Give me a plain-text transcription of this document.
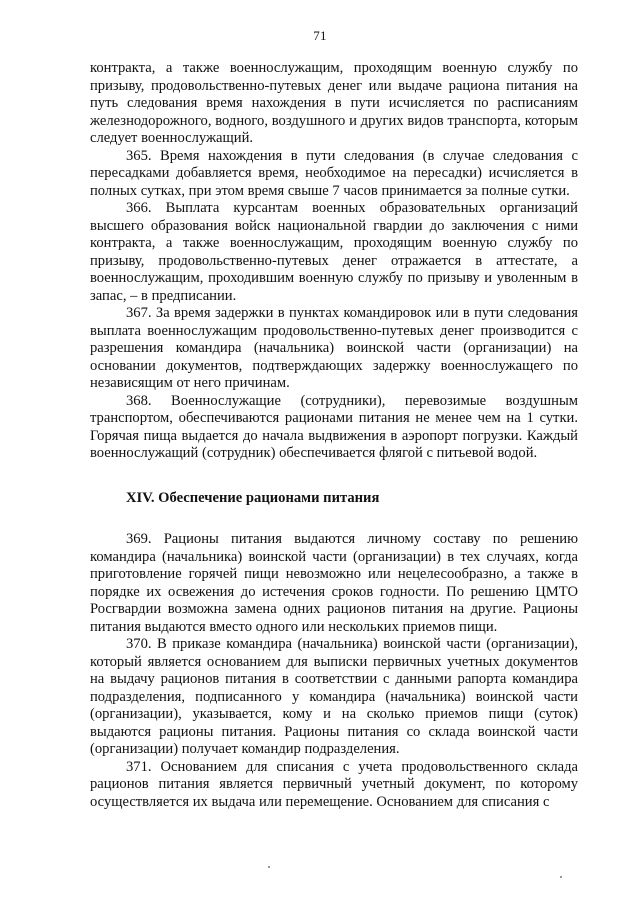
71

контракта, а также военнослужащим, проходящим военную службу по призыву, продовольственно-путевых денег или выдаче рациона питания на путь следования время нахождения в пути исчисляется по расписаниям железнодорожного, водного, воздушного и других видов транспорта, которым следует военнослужащий.

365. Время нахождения в пути следования (в случае следования с пересадками добавляется время, необходимое на пересадки) исчисляется в полных сутках, при этом время свыше 7 часов принимается за полные сутки.

366. Выплата курсантам военных образовательных организаций высшего образования войск национальной гвардии до заключения с ними контракта, а также военнослужащим, проходящим военную службу по призыву, продовольственно-путевых денег отражается в аттестате, а военнослужащим, проходившим военную службу по призыву и уволенным в запас, – в предписании.

367. За время задержки в пунктах командировок или в пути следования выплата военнослужащим продовольственно-путевых денег производится с разрешения командира (начальника) воинской части (организации) на основании документов, подтверждающих задержку военнослужащего по независящим от него причинам.

368. Военнослужащие (сотрудники), перевозимые воздушным транспортом, обеспечиваются рационами питания не менее чем на 1 сутки. Горячая пища выдается до начала выдвижения в аэропорт погрузки. Каждый военнослужащий (сотрудник) обеспечивается флягой с питьевой водой.

XIV. Обеспечение рационами питания

369. Рационы питания выдаются личному составу по решению командира (начальника) воинской части (организации) в тех случаях, когда приготовление горячей пищи невозможно или нецелесообразно, а также в порядке их освежения до истечения сроков годности. По решению ЦМТО Росгвардии возможна замена одних рационов питания на другие. Рационы питания выдаются вместо одного или нескольких приемов пищи.

370. В приказе командира (начальника) воинской части (организации), который является основанием для выписки первичных учетных документов на выдачу рационов питания в соответствии с данными рапорта командира подразделения, подписанного у командира (начальника) воинской части (организации), указывается, кому и на сколько приемов пищи (суток) выдаются рационы питания. Рационы питания со склада воинской части (организации) получает командир подразделения.

371. Основанием для списания с учета продовольственного склада рационов питания является первичный учетный документ, по которому осуществляется их выдача или перемещение. Основанием для списания с
